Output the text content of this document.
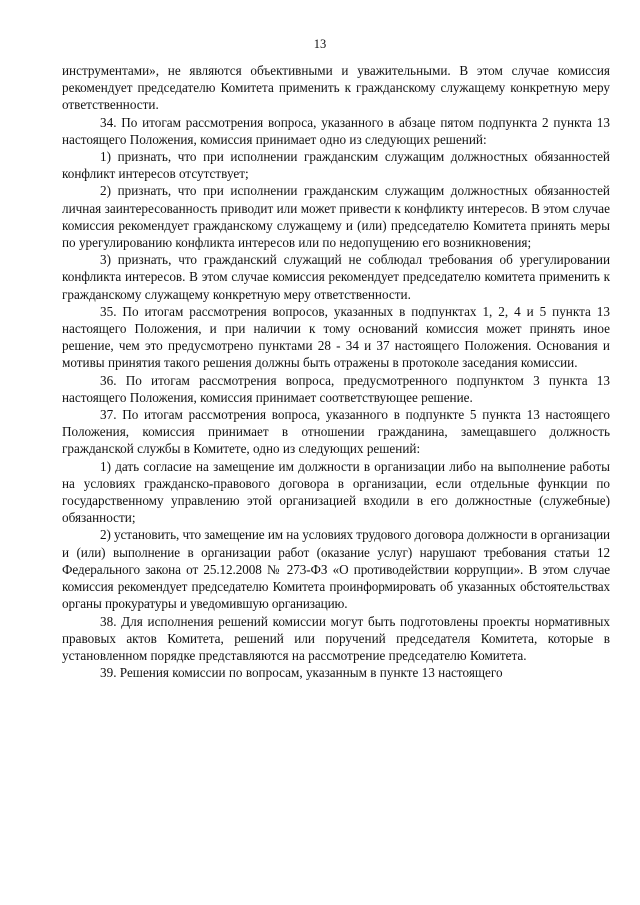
13

инструментами», не являются объективными и уважительными. В этом случае комиссия рекомендует председателю Комитета применить к гражданскому служащему конкретную меру ответственности.

34. По итогам рассмотрения вопроса, указанного в абзаце пятом подпункта 2 пункта 13 настоящего Положения, комиссия принимает одно из следующих решений:

1) признать, что при исполнении гражданским служащим должностных обязанностей конфликт интересов отсутствует;

2) признать, что при исполнении гражданским служащим должностных обязанностей личная заинтересованность приводит или может привести к конфликту интересов. В этом случае комиссия рекомендует гражданскому служащему и (или) председателю Комитета принять меры по урегулированию конфликта интересов или по недопущению его возникновения;

3) признать, что гражданский служащий не соблюдал требования об урегулировании конфликта интересов. В этом случае комиссия рекомендует председателю комитета применить к гражданскому служащему конкретную меру ответственности.

35. По итогам рассмотрения вопросов, указанных в подпунктах 1, 2, 4 и 5 пункта 13 настоящего Положения, и при наличии к тому оснований комиссия может принять иное решение, чем это предусмотрено пунктами 28 - 34 и 37 настоящего Положения. Основания и мотивы принятия такого решения должны быть отражены в протоколе заседания комиссии.

36. По итогам рассмотрения вопроса, предусмотренного подпунктом 3 пункта 13 настоящего Положения, комиссия принимает соответствующее решение.

37. По итогам рассмотрения вопроса, указанного в подпункте 5 пункта 13 настоящего Положения, комиссия принимает в отношении гражданина, замещавшего должность гражданской службы в Комитете, одно из следующих решений:

1) дать согласие на замещение им должности в организации либо на выполнение работы на условиях гражданско-правового договора в организации, если отдельные функции по государственному управлению этой организацией входили в его должностные (служебные) обязанности;

2) установить, что замещение им на условиях трудового договора должности в организации и (или) выполнение в организации работ (оказание услуг) нарушают требования статьи 12 Федерального закона от 25.12.2008 № 273-ФЗ «О противодействии коррупции». В этом случае комиссия рекомендует председателю Комитета проинформировать об указанных обстоятельствах органы прокуратуры и уведомившую организацию.

38. Для исполнения решений комиссии могут быть подготовлены проекты нормативных правовых актов Комитета, решений или поручений председателя Комитета, которые в установленном порядке представляются на рассмотрение председателю Комитета.

39. Решения комиссии по вопросам, указанным в пункте 13 настоящего
